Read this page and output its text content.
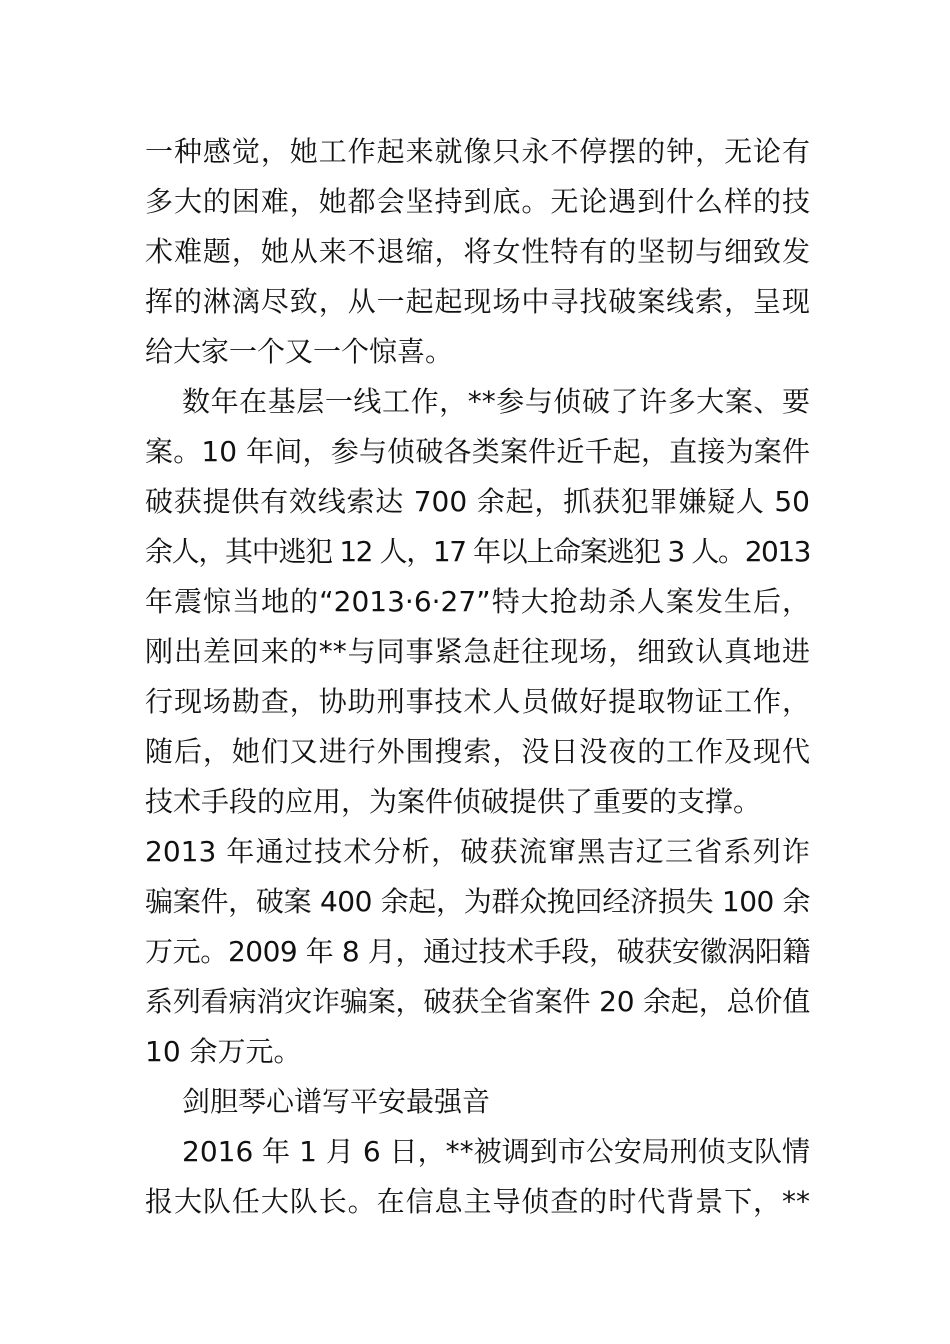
一种感觉，她工作起来就像只永不停摆的钟，无论有
多大的困难，她都会坚持到底。无论遇到什么样的技
术难题，她从来不退缩，将女性特有的坚韧与细致发
挥的淋漓尽致，从一起起现场中寻找破案线索，呈现
给大家一个又一个惊喜。
数年在基层一线工作，**参与侦破了许多大案、要
案。10 年间，参与侦破各类案件近千起，直接为案件
破获提供有效线索达 700 余起，抓获犯罪嫌疑人 50
余人，其中逃犯 12 人，17 年以上命案逃犯 3 人。2013
年震惊当地的“2013·6·27”特大抢劫杀人案发生后，
刚出差回来的**与同事紧急赶往现场，细致认真地进
行现场勘查，协助刑事技术人员做好提取物证工作，
随后，她们又进行外围搜索，没日没夜的工作及现代
技术手段的应用，为案件侦破提供了重要的支撑。
2013 年通过技术分析，破获流窜黑吉辽三省系列诈
骗案件，破案 400 余起，为群众挽回经济损失 100 余
万元。2009 年 8 月，通过技术手段，破获安徽涡阳籍
系列看病消灾诈骗案，破获全省案件 20 余起，总价值
10 余万元。
剑胆琴心谱写平安最强音
2016 年 1 月 6 日，**被调到市公安局刑侦支队情
报大队任大队长。在信息主导侦查的时代背景下，**
